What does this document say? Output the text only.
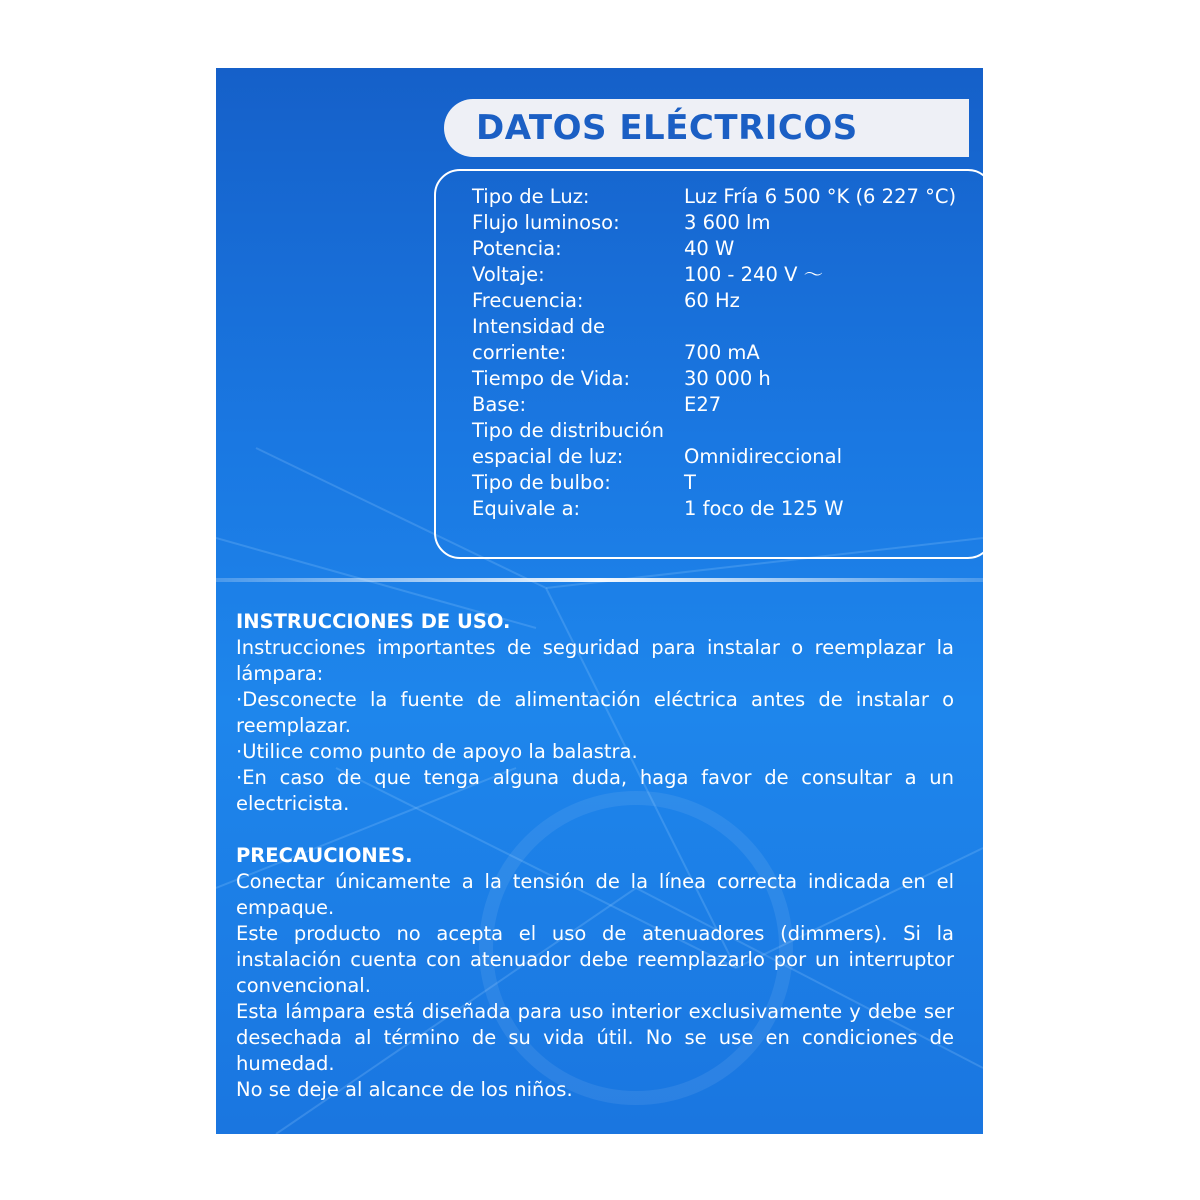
DATOS ELÉCTRICOS
Tipo de Luz:	Luz Fría 6 500 °K (6 227 °C)
Flujo luminoso:	3 600 lm
Potencia:	40 W
Voltaje:	100 - 240 V ～
Frecuencia:	60 Hz
Intensidad de corriente:	700 mA
Tiempo de Vida:	30 000 h
Base:	E27
Tipo de distribución espacial de luz:	Omnidireccional
Tipo de bulbo:	T
Equivale a:	1 foco de 125 W

INSTRUCCIONES DE USO.

Instrucciones importantes de seguridad para instalar o reemplazar la lámpara:

·Desconecte la fuente de alimentación eléctrica antes de instalar o reemplazar.

·Utilice como punto de apoyo la balastra.

·En caso de que tenga alguna duda, haga favor de consultar a un electricista.

PRECAUCIONES.

Conectar únicamente a la tensión de la línea correcta indicada en el empaque.

Este producto no acepta el uso de atenuadores (dimmers). Si la instalación cuenta con atenuador debe reemplazarlo por un interruptor convencional.

Esta lámpara está diseñada para uso interior exclusivamente y debe ser desechada al término de su vida útil. No se use en condiciones de humedad.

No se deje al alcance de los niños.
